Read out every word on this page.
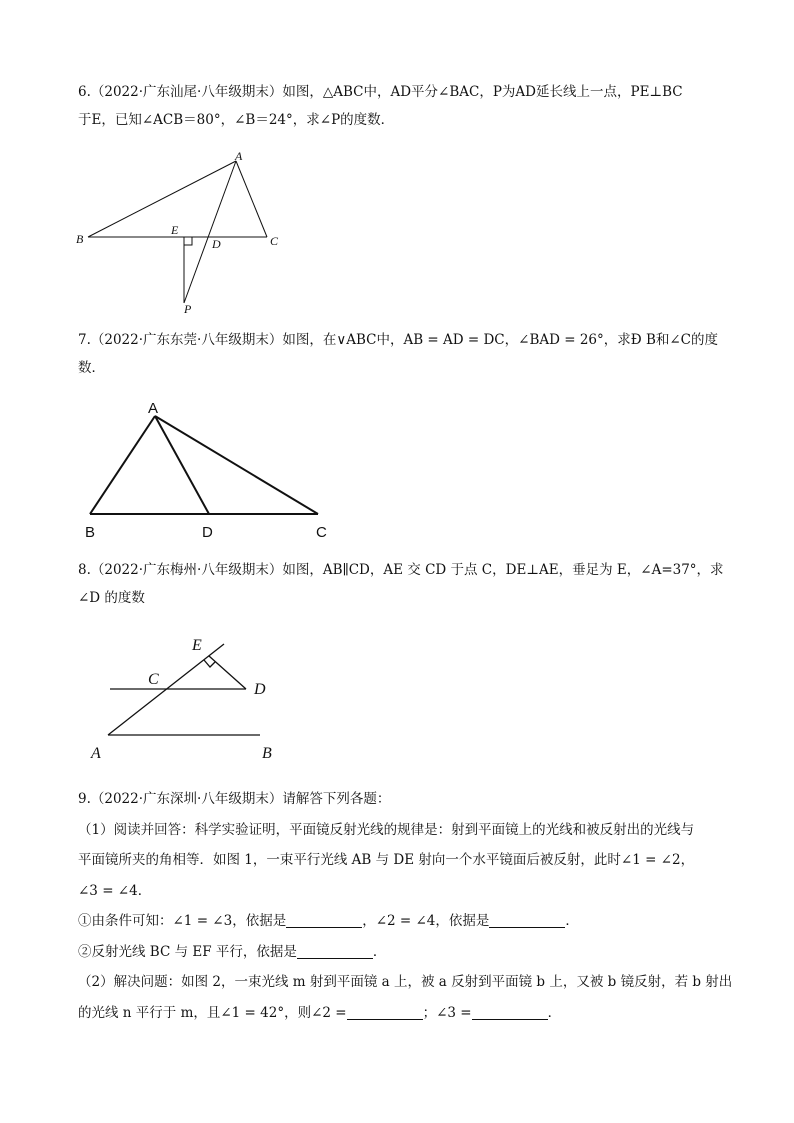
6.（2022·广东汕尾·八年级期末）如图，△ABC中，AD平分∠BAC，P为AD延长线上一点，PE⊥BC
于E，已知∠ACB＝80°，∠B＝24°，求∠P的度数．
A
B	C
D
E
P
7.（2022·广东东莞·八年级期末）如图，在∨ABC中，AB = AD = DC，∠BAD = 26°，求Ð B和∠C的度
数．
A
B	D	C
8.（2022·广东梅州·八年级期末）如图，AB∥CD，AE 交 CD 于点 C，DE⊥AE，垂足为 E，∠A=37°，求
∠D 的度数
E
C
D
A	B
9.（2022·广东深圳·八年级期末）请解答下列各题：
（1）阅读并回答：科学实验证明，平面镜反射光线的规律是：射到平面镜上的光线和被反射出的光线与
平面镜所夹的角相等．如图 1，一束平行光线 AB 与 DE 射向一个水平镜面后被反射，此时∠1 = ∠2，
∠3 = ∠4．
①由条件可知：∠1 = ∠3，依据是	，∠2 = ∠4，依据是	．
②反射光线 BC 与 EF 平行，依据是	．
（2）解决问题：如图 2，一束光线 m 射到平面镜 a 上，被 a 反射到平面镜 b 上，又被 b 镜反射，若 b 射出
的光线 n 平行于 m，且∠1 = 42°，则∠2 =	；∠3 =	．
